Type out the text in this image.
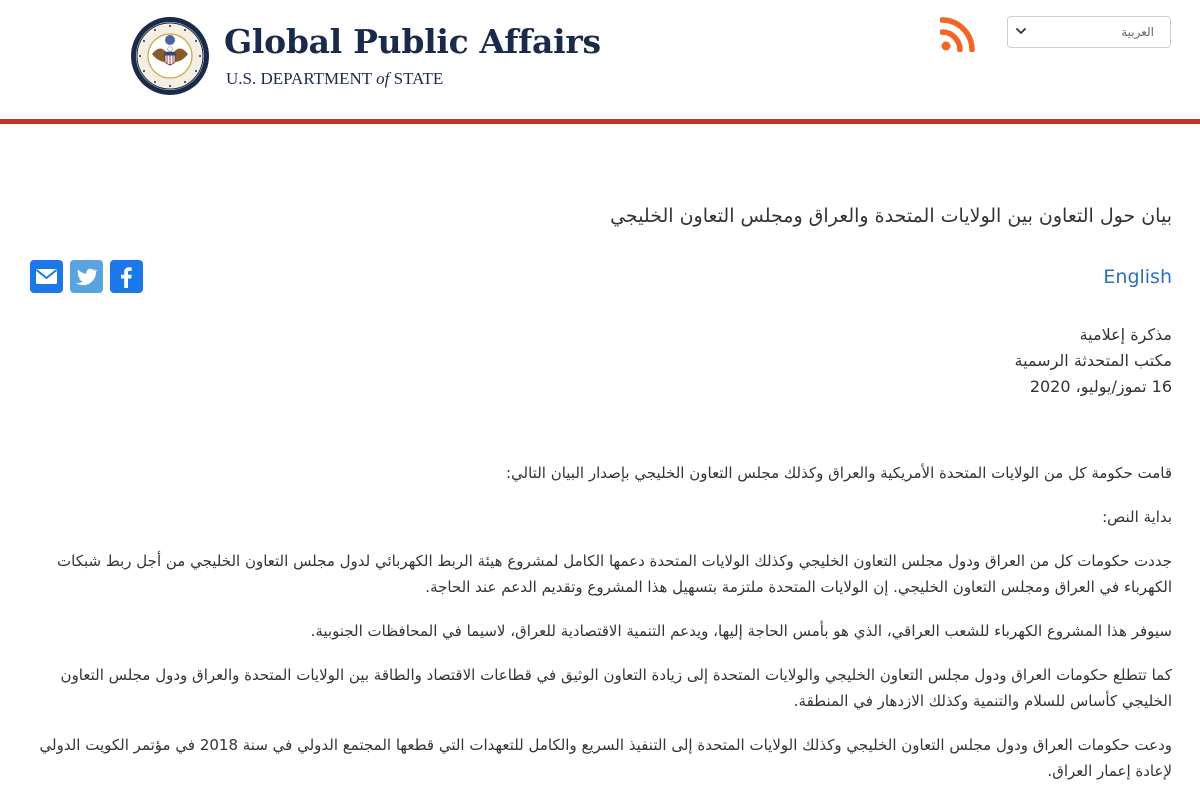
Global Public Affairs
U.S. DEPARTMENT of STATE
العربية
بيان حول التعاون بين الولايات المتحدة والعراق ومجلس التعاون الخليجي
English
مذكرة إعلامية
مكتب المتحدثة الرسمية
16 تموز/يوليو، 2020

قامت حكومة كل من الولايات المتحدة الأمريكية والعراق وكذلك مجلس التعاون الخليجي بإصدار البيان التالي:

بداية النص:

جددت حكومات كل من العراق ودول مجلس التعاون الخليجي وكذلك الولايات المتحدة دعمها الكامل لمشروع هيئة الربط الكهربائي لدول مجلس التعاون الخليجي من أجل ربط شبكات الكهرباء في العراق ومجلس التعاون الخليجي. إن الولايات المتحدة ملتزمة بتسهيل هذا المشروع وتقديم الدعم عند الحاجة.

سيوفر هذا المشروع الكهرباء للشعب العراقي، الذي هو بأمس الحاجة إليها، ويدعم التنمية الاقتصادية للعراق، لاسيما في المحافظات الجنوبية.

كما تتطلع حكومات العراق ودول مجلس التعاون الخليجي والولايات المتحدة إلى زيادة التعاون الوثيق في قطاعات الاقتصاد والطاقة بين الولايات المتحدة والعراق ودول مجلس التعاون الخليجي كأساس للسلام والتنمية وكذلك الازدهار في المنطقة.

ودعت حكومات العراق ودول مجلس التعاون الخليجي وكذلك الولايات المتحدة إلى التنفيذ السريع والكامل للتعهدات التي قطعها المجتمع الدولي في سنة 2018 في مؤتمر الكويت الدولي لإعادة إعمار العراق.
